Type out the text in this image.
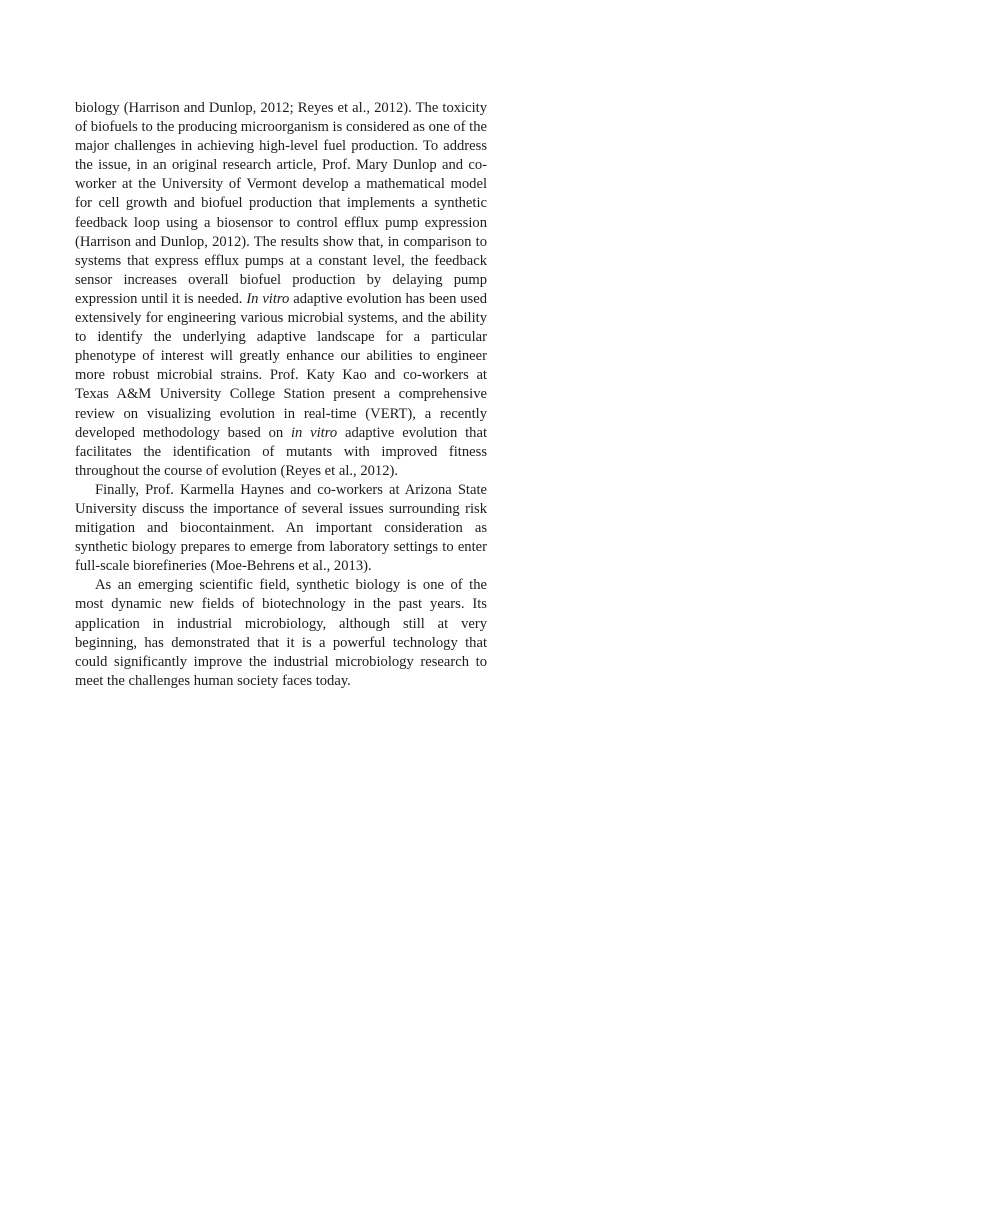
biology (Harrison and Dunlop, 2012; Reyes et al., 2012). The toxicity of biofuels to the producing microorganism is considered as one of the major challenges in achieving high-level fuel production. To address the issue, in an original research article, Prof. Mary Dunlop and co-worker at the University of Vermont develop a mathematical model for cell growth and biofuel production that implements a synthetic feedback loop using a biosensor to control efflux pump expression (Harrison and Dunlop, 2012). The results show that, in comparison to systems that express efflux pumps at a constant level, the feedback sensor increases overall biofuel production by delaying pump expression until it is needed. In vitro adaptive evolution has been used extensively for engineering various microbial systems, and the ability to identify the underlying adaptive landscape for a particular phenotype of interest will greatly enhance our abilities to engineer more robust microbial strains. Prof. Katy Kao and co-workers at Texas A&M University College Station present a comprehensive review on visualizing evolution in real-time (VERT), a recently developed methodology based on in vitro adaptive evolution that facilitates the identification of mutants with improved fitness throughout the course of evolution (Reyes et al., 2012).

Finally, Prof. Karmella Haynes and co-workers at Arizona State University discuss the importance of several issues surrounding risk mitigation and biocontainment. An important consideration as synthetic biology prepares to emerge from laboratory settings to enter full-scale biorefineries (Moe-Behrens et al., 2013).

As an emerging scientific field, synthetic biology is one of the most dynamic new fields of biotechnology in the past years. Its application in industrial microbiology, although still at very beginning, has demonstrated that it is a powerful technology that could significantly improve the industrial microbiology research to meet the challenges human society faces today.
